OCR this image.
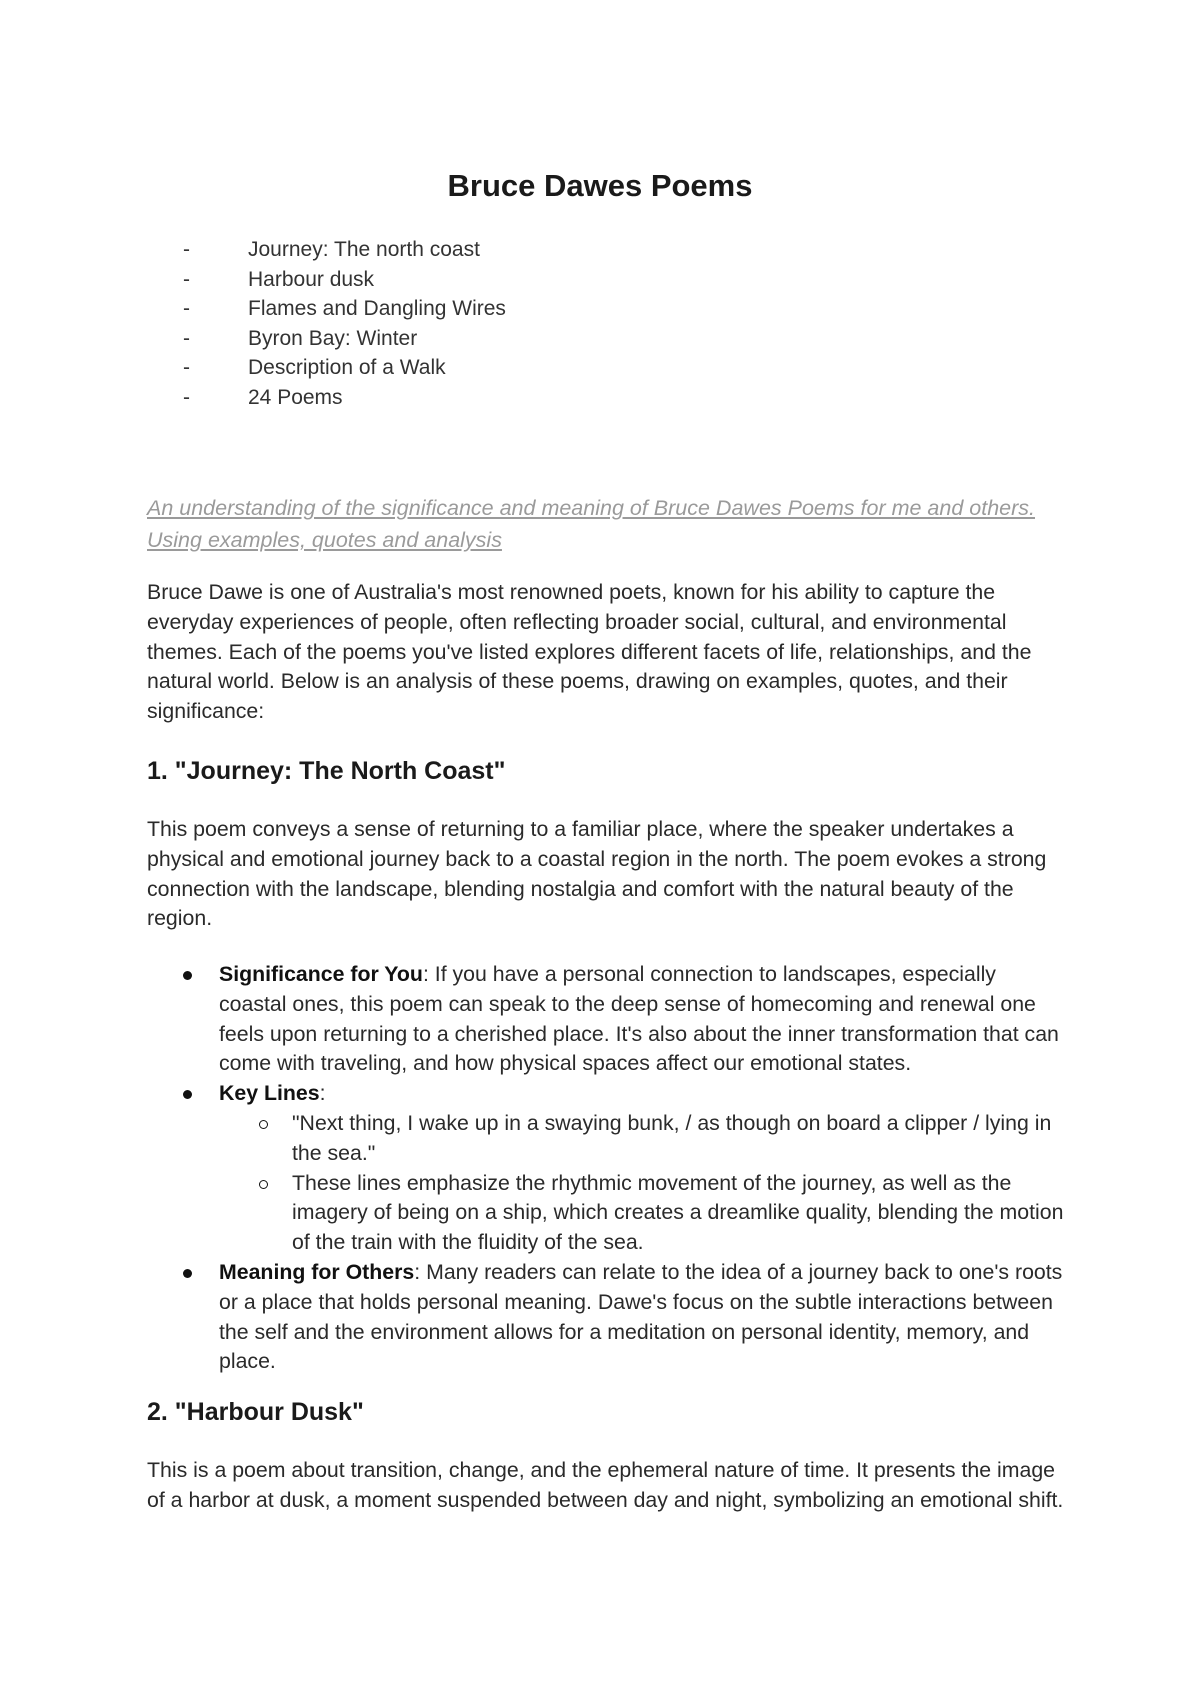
Bruce Dawes Poems
-	Journey: The north coast
-	Harbour dusk
-	Flames and Dangling Wires
-	Byron Bay: Winter
-	Description of a Walk
-	24 Poems
An understanding of the significance and meaning of Bruce Dawes Poems for me and others. Using examples, quotes and analysis
Bruce Dawe is one of Australia's most renowned poets, known for his ability to capture the everyday experiences of people, often reflecting broader social, cultural, and environmental themes. Each of the poems you've listed explores different facets of life, relationships, and the natural world. Below is an analysis of these poems, drawing on examples, quotes, and their significance:
1. "Journey: The North Coast"
This poem conveys a sense of returning to a familiar place, where the speaker undertakes a physical and emotional journey back to a coastal region in the north. The poem evokes a strong connection with the landscape, blending nostalgia and comfort with the natural beauty of the region.
Significance for You: If you have a personal connection to landscapes, especially coastal ones, this poem can speak to the deep sense of homecoming and renewal one feels upon returning to a cherished place. It's also about the inner transformation that can come with traveling, and how physical spaces affect our emotional states.
Key Lines:
"Next thing, I wake up in a swaying bunk, / as though on board a clipper / lying in the sea."
These lines emphasize the rhythmic movement of the journey, as well as the imagery of being on a ship, which creates a dreamlike quality, blending the motion of the train with the fluidity of the sea.
Meaning for Others: Many readers can relate to the idea of a journey back to one's roots or a place that holds personal meaning. Dawe's focus on the subtle interactions between the self and the environment allows for a meditation on personal identity, memory, and place.
2. "Harbour Dusk"
This is a poem about transition, change, and the ephemeral nature of time. It presents the image of a harbor at dusk, a moment suspended between day and night, symbolizing an emotional shift.
